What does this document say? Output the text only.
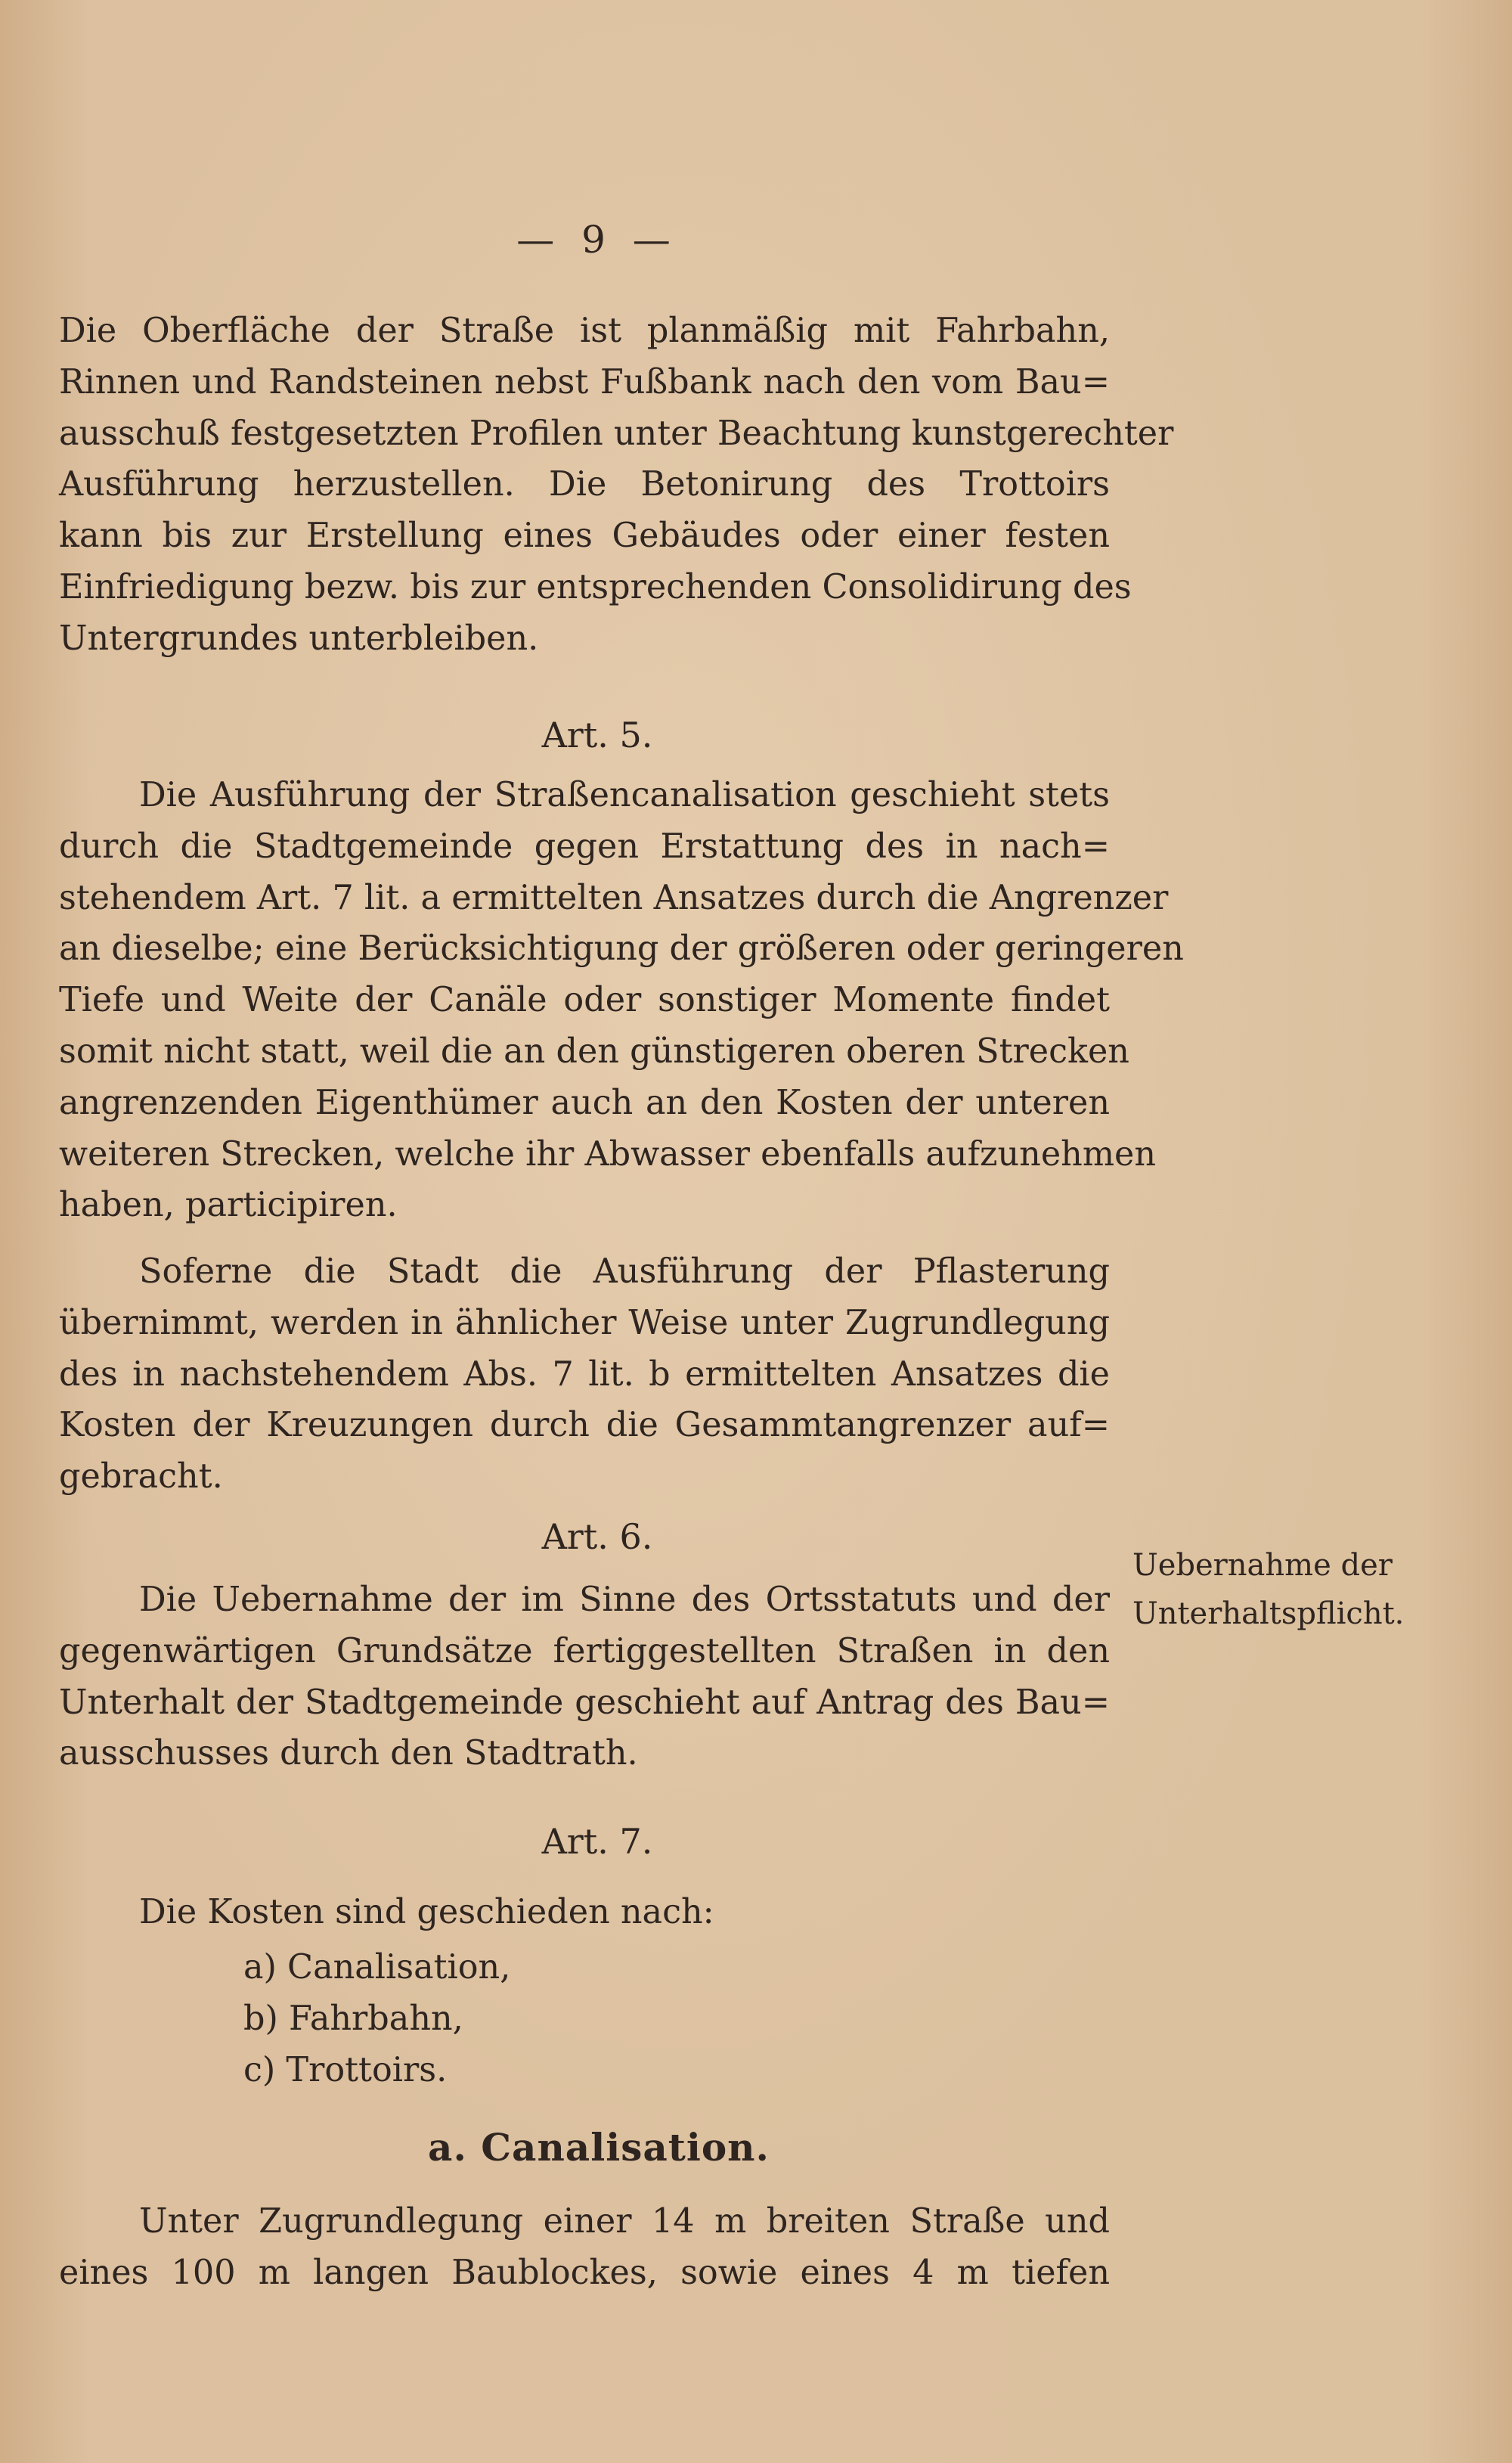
— 9 —

Die Oberfläche der Straße ist planmäßig mit Fahrbahn,
Rinnen und Randsteinen nebst Fußbank nach den vom Bau=
ausschuß festgesetzten Profilen unter Beachtung kunstgerechter
Ausführung herzustellen. Die Betonirung des Trottoirs
kann bis zur Erstellung eines Gebäudes oder einer festen
Einfriedigung bezw. bis zur entsprechenden Consolidirung des
Untergrundes unterbleiben.

Art. 5.

Die Ausführung der Straßencanalisation geschieht stets
durch die Stadtgemeinde gegen Erstattung des in nach=
stehendem Art. 7 lit. a ermittelten Ansatzes durch die Angrenzer
an dieselbe; eine Berücksichtigung der größeren oder geringeren
Tiefe und Weite der Canäle oder sonstiger Momente findet
somit nicht statt, weil die an den günstigeren oberen Strecken
angrenzenden Eigenthümer auch an den Kosten der unteren
weiteren Strecken, welche ihr Abwasser ebenfalls aufzunehmen
haben, participiren.

Soferne die Stadt die Ausführung der Pflasterung
übernimmt, werden in ähnlicher Weise unter Zugrundlegung
des in nachstehendem Abs. 7 lit. b ermittelten Ansatzes die
Kosten der Kreuzungen durch die Gesammtangrenzer auf=
gebracht.

Art. 6.
Uebernahme der
Unterhaltspflicht.

Die Uebernahme der im Sinne des Ortsstatuts und der
gegenwärtigen Grundsätze fertiggestellten Straßen in den
Unterhalt der Stadtgemeinde geschieht auf Antrag des Bau=
ausschusses durch den Stadtrath.

Art. 7.

Die Kosten sind geschieden nach:

a) Canalisation,
b) Fahrbahn,
c) Trottoirs.
a. Canalisation.

Unter Zugrundlegung einer 14 m breiten Straße und
eines 100 m langen Baublockes, sowie eines 4 m tiefen
